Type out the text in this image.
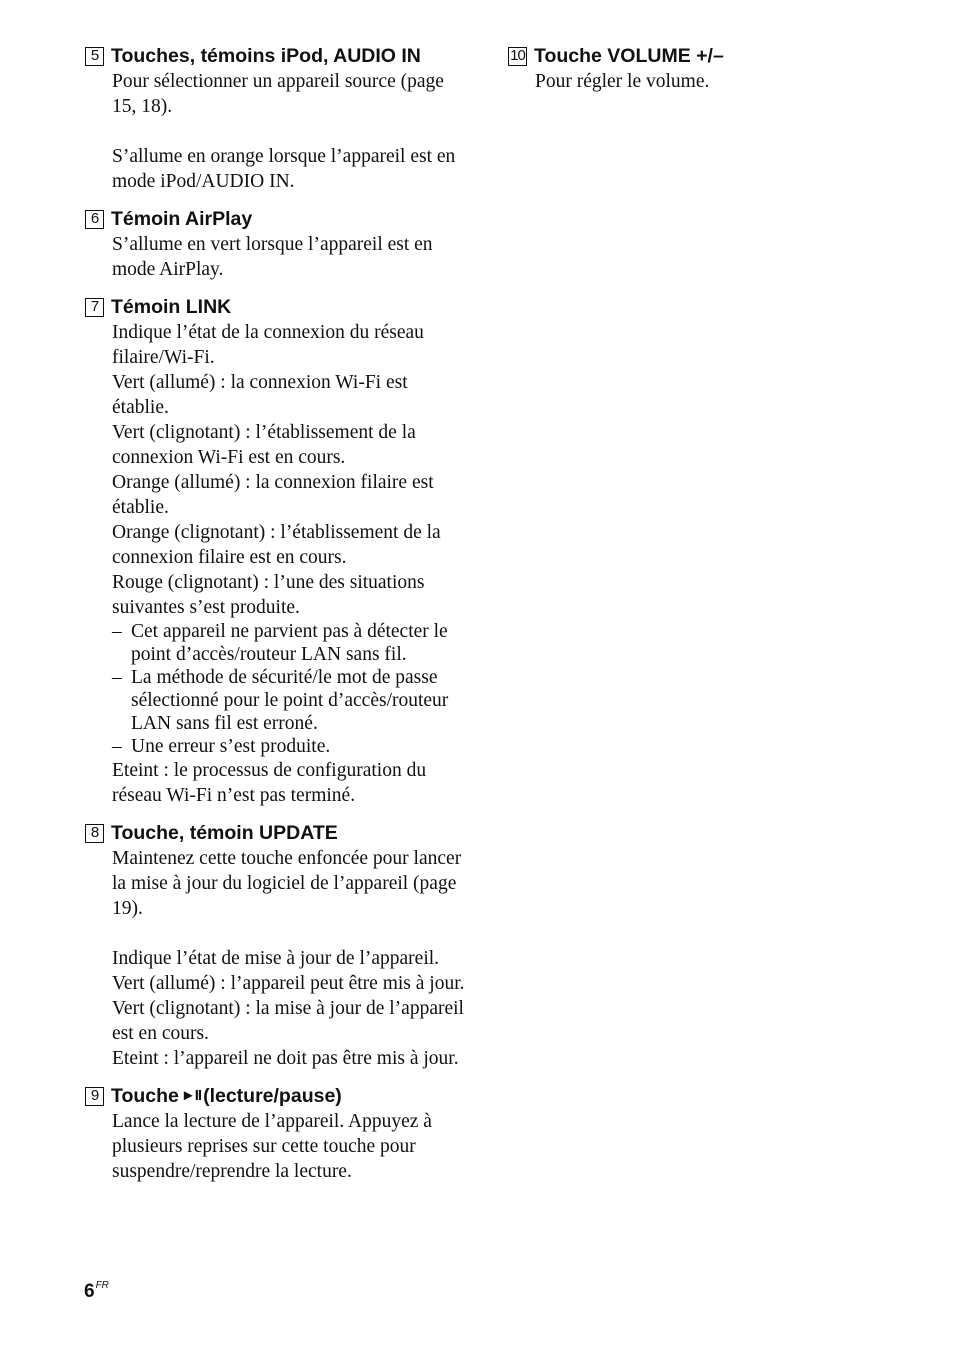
5 Touches, témoins iPod, AUDIO IN

Pour sélectionner un appareil source (page 15, 18).

S’allume en orange lorsque l’appareil est en mode iPod/AUDIO IN.

6 Témoin AirPlay

S’allume en vert lorsque l’appareil est en mode AirPlay.

7 Témoin LINK

Indique l’état de la connexion du réseau filaire/Wi-Fi.

Vert (allumé) : la connexion Wi-Fi est établie.

Vert (clignotant) : l’établissement de la connexion Wi-Fi est en cours.

Orange (allumé) : la connexion filaire est établie.

Orange (clignotant) : l’établissement de la connexion filaire est en cours.

Rouge (clignotant) : l’une des situations suivantes s’est produite.

– Cet appareil ne parvient pas à détecter le point d’accès/routeur LAN sans fil.
– La méthode de sécurité/le mot de passe sélectionné pour le point d’accès/routeur LAN sans fil est erroné.
– Une erreur s’est produite.

Eteint : le processus de configuration du réseau Wi-Fi n’est pas terminé.

8 Touche, témoin UPDATE

Maintenez cette touche enfoncée pour lancer la mise à jour du logiciel de l’appareil (page 19).

Indique l’état de mise à jour de l’appareil.

Vert (allumé) : l’appareil peut être mis à jour.

Vert (clignotant) : la mise à jour de l’appareil est en cours.

Eteint : l’appareil ne doit pas être mis à jour.

9 Touche ►II (lecture/pause)

Lance la lecture de l’appareil. Appuyez à plusieurs reprises sur cette touche pour suspendre/reprendre la lecture.

10 Touche VOLUME +/–

Pour régler le volume.

$6^{FR}$
